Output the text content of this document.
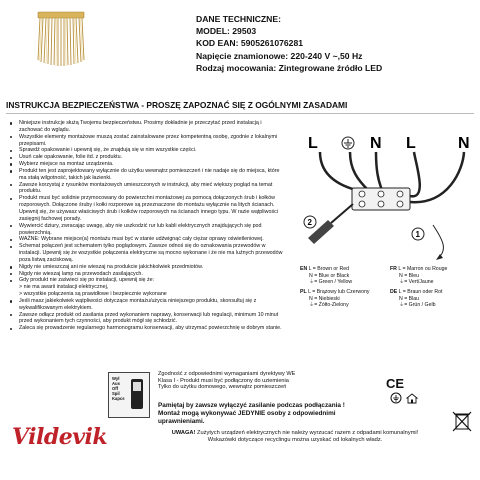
DANE TECHNICZNE:
MODEL: 29503
KOD EAN: 5905261076281
Napięcie znamionowe: 220-240 V ~,50 Hz
Rodzaj mocowania: Zintegrowane źródło LED
INSTRUKCJA BEZPIECZEŃSTWA - PROSZĘ ZAPOZNAĆ SIĘ Z OGÓLNYMI ZASADAMI
Niniejsze instrukcje służą Twojemu bezpieczeństwu. Prosimy dokładnie je przeczytać przed instalacją i zachować do wglądu.
Wszystkie elementy montażowe muszą zostać zainstalowane przez kompetentną osobę, zgodnie z lokalnymi przepisami.
Sprawdź opakowanie i upewnij się, że znajdują się w nim wszystkie części.
Usuń całe opakowanie, folie itd. z produktu.
Wybierz miejsce na montaż urządzenia.
Produkt ten jest zaprojektowany wyłącznie do użytku wewnątrz pomieszczeń i nie nadaje się do miejsca, które ma stałą wilgotność, takich jak łazienki.
Zawsze korzystaj z rysunków montażowych umieszczonych w instrukcji, aby mieć większy pogląd na temat produktu.
Produkt musi być solidnie przymocowany do powierzchni montażowej za pomocą dołączonych śrub i kołków rozporowych. Dołączone śruby i kołki rozporowe są przeznaczone do montażu wyłącznie na litych ścianach. Upewnij się, że używasz właściwych śrub i kołków rozporowych na ścianach innego typu. W razie wątpliwości zasięgnij fachowej porady.
Wywiercić dziury, zwracając uwagę, aby nie uszkodzić rur lub kabli elektrycznych znajdujących się pod powierzchnią.
WAŻNE: Wybrane miejsce(a) montażu musi być w stanie udźwignąć cały ciężar oprawy oświetleniowej.
Schemat połączeń jest schematem tylko poglądowym. Zawsze odnoś się do oznakowania przewodów w instalacji. Upewnij się że wszystkie połączenia elektryczne są mocno wykonane i że nie ma luźnych przewodów poza listwą zaciskową.
Nigdy nie umieszczaj ani nie wieszaj na produkcie jakichkolwiek przedmiotów.
Nigdy nie wieszaj lamp na przewodach zasilających.
Gdy produkt nie zaświeci się po instalacji, upewnij się że:
> nie ma awarii instalacji elektrycznej,
> wszystkie połączenia są prawidłowe i bezpiecznie wykonane
Jeśli masz jakiekolwiek wątpliwości dotyczące montażu/użycia niniejszego produktu, skonsultuj się z wykwalifikowanym elektrykiem.
Zawsze odłącz produkt od zasilania przed wykonaniem naprawy, konserwacji lub regulacji, minimum 10 minut przed wykonaniem tych czynności, aby produkt mógł się schłodzić.
Zaleca się prowadzenie regularnego harmonogramu konserwacji, aby utrzymać powierzchnię w dobrym stanie.
L	N L	N
2
1
EN L = Brown or Red	FR L = Marron ou Rouge
N = Blue or Black	N = Bleu
⏚= Green / Yellow	⏚= Vert/Jaune
PL L = Brązowy lub Czerwony	DE L = Braun oder Rot
N = Niebieski	N = Blau
⏚= Żółto-Zielony	⏚= Grün / Gelb
Wył
Aus
Off
Spil
Kapcs
Zgodność z odpowiednimi wymaganiami dyrektywy WE
Klasa I - Produkt musi być podłączony do uziemienia
Tylko do użytku domowego, wewnątrz pomieszczeń	CE
Pamiętaj by zawsze wyłączyć zasilanie podczas podłączania !
Montaż mogą wykonywać JEDYNIE osoby z odpowiednimi
uprawnieniami.
Vildevik	UWAGA! Zużytych urządzeń elektrycznych nie należy wyrzucać razem z odpadami komunalnymi!
Wskazówki dotyczące recyclingu można uzyskać od lokalnych władz.
